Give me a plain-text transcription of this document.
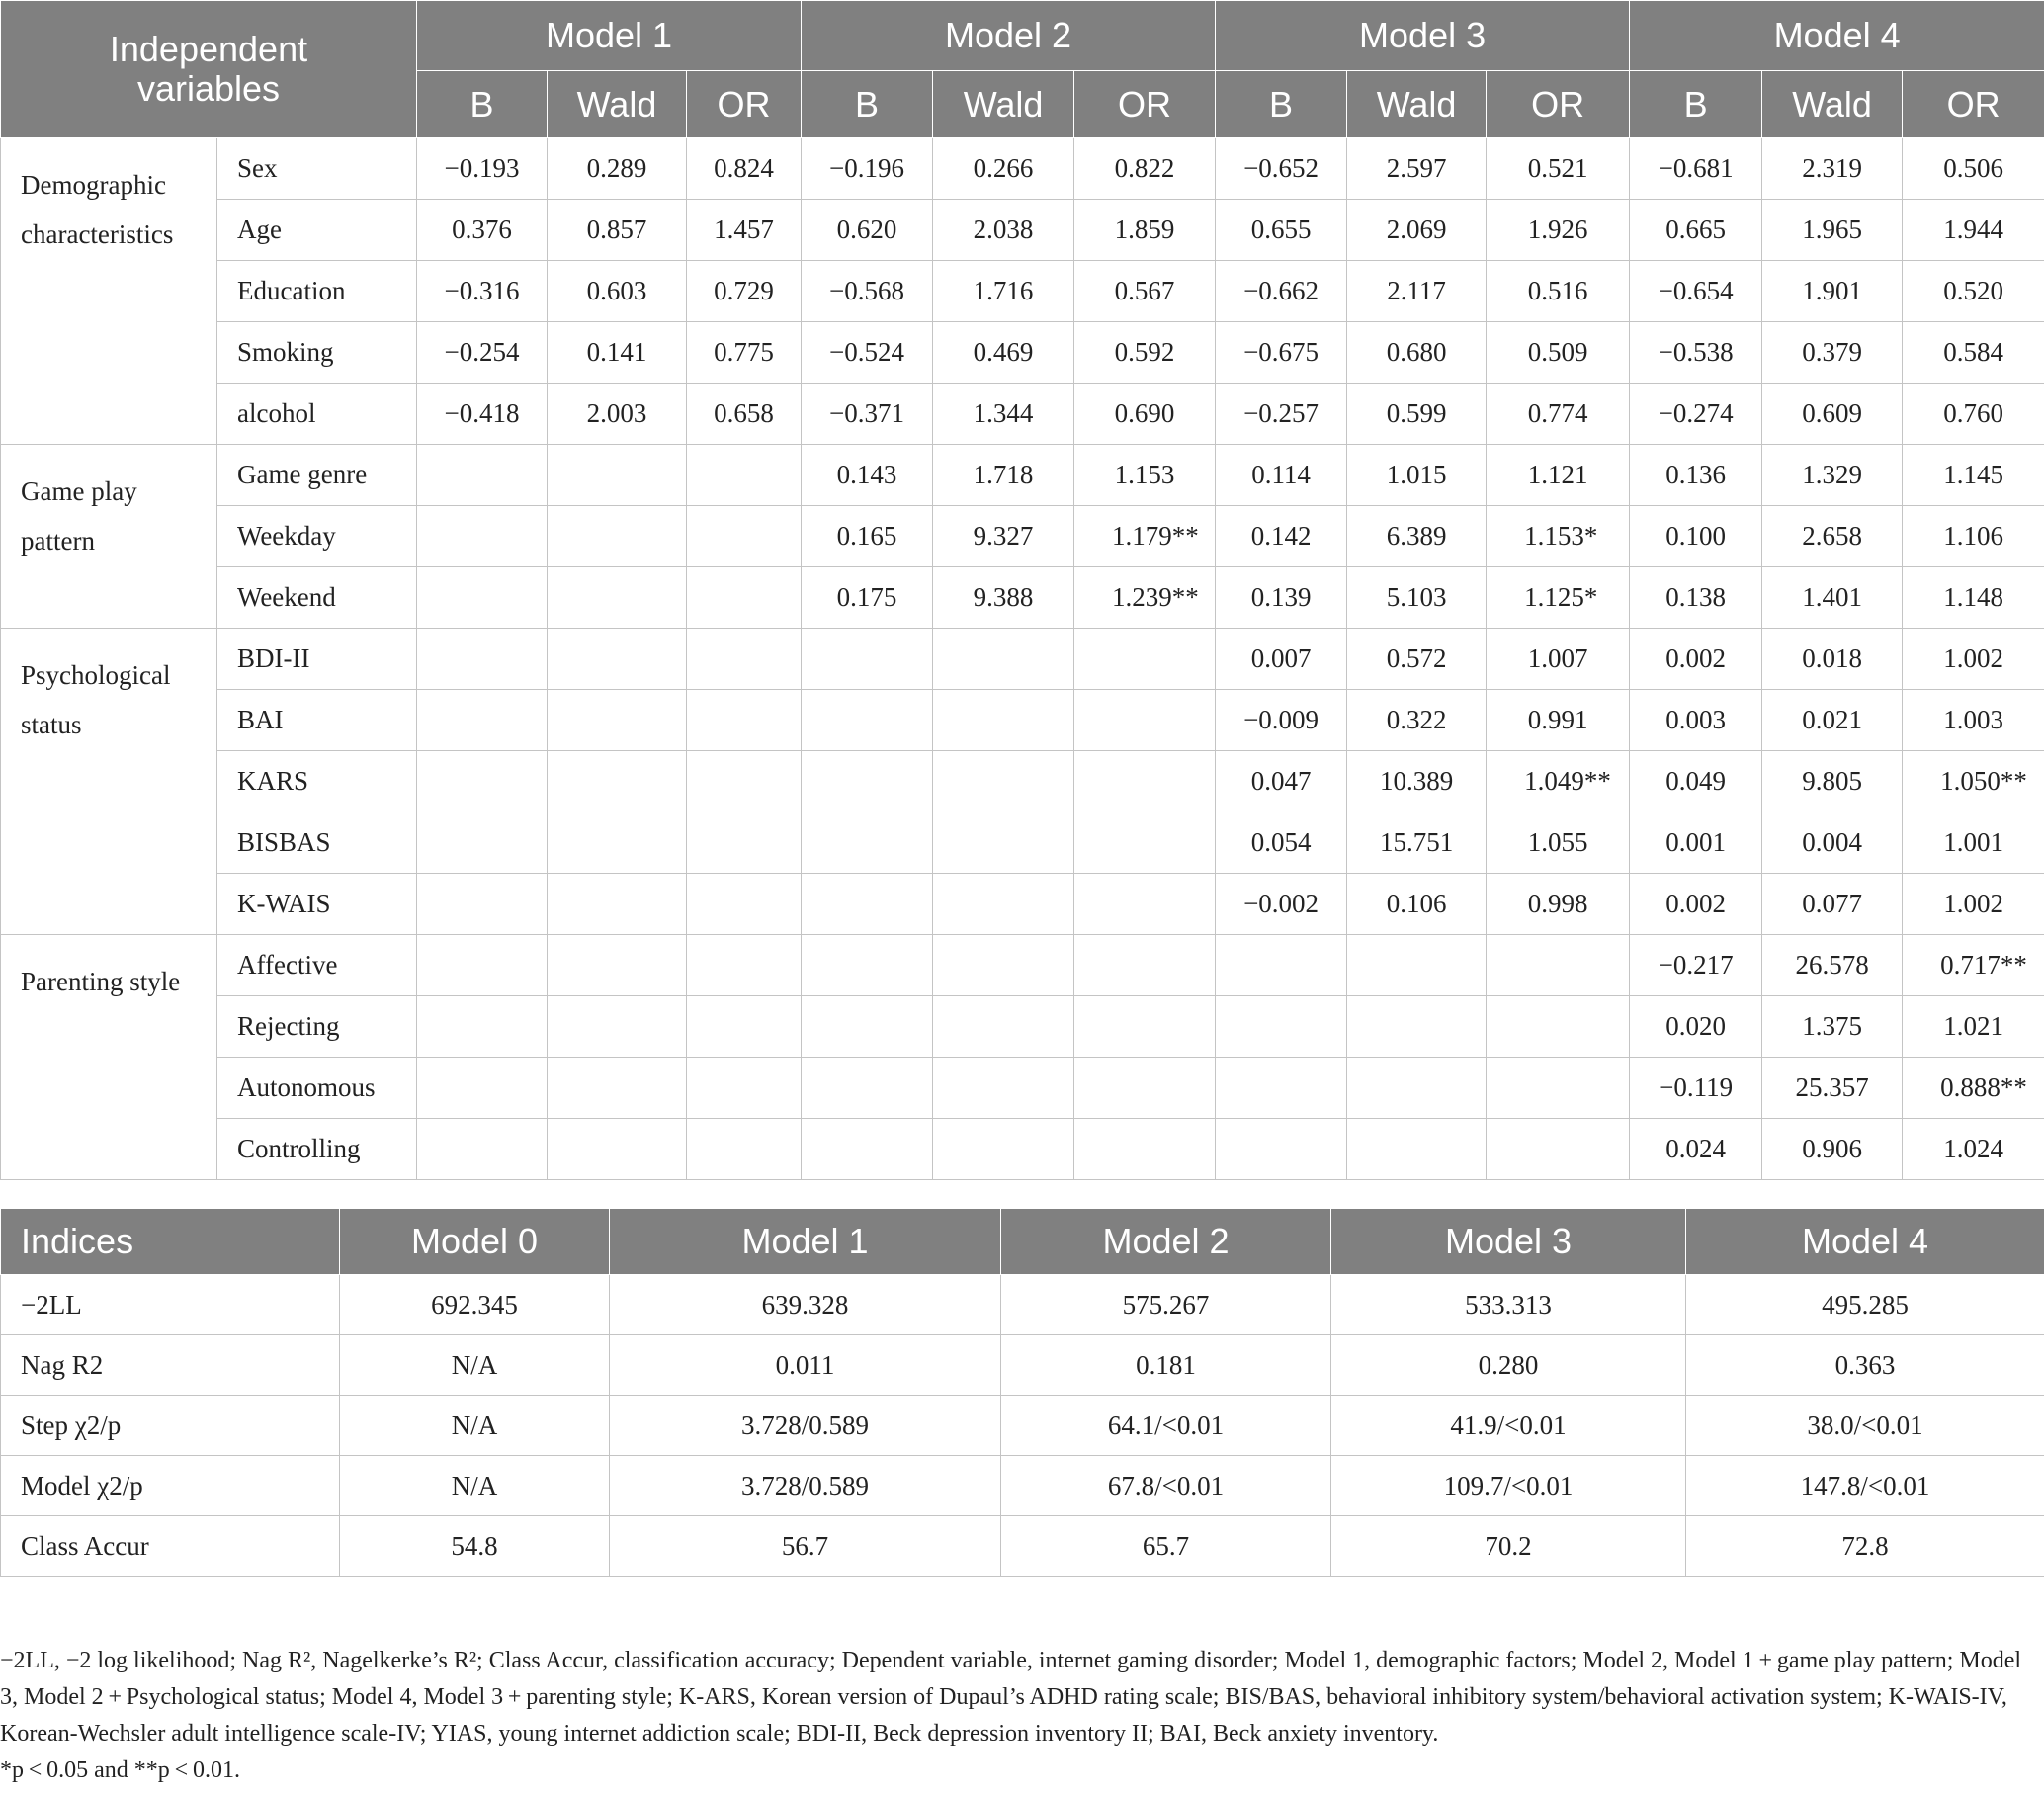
Independent variables		Model 1			Model 2			Model 3			Model 4		
		B	Wald	OR	B	Wald	OR	B	Wald	OR	B	Wald	OR
Demographic characteristics	Sex	−0.193	0.289	0.824	−0.196	0.266	0.822	−0.652	2.597	0.521	−0.681	2.319	0.506
	Age	0.376	0.857	1.457	0.620	2.038	1.859	0.655	2.069	1.926	0.665	1.965	1.944
	Education	−0.316	0.603	0.729	−0.568	1.716	0.567	−0.662	2.117	0.516	−0.654	1.901	0.520
	Smoking	−0.254	0.141	0.775	−0.524	0.469	0.592	−0.675	0.680	0.509	−0.538	0.379	0.584
	alcohol	−0.418	2.003	0.658	−0.371	1.344	0.690	−0.257	0.599	0.774	−0.274	0.609	0.760
Game play pattern	Game genre				0.143	1.718	1.153	0.114	1.015	1.121	0.136	1.329	1.145
	Weekday				0.165	9.327	1.179**	0.142	6.389	1.153*	0.100	2.658	1.106
	Weekend				0.175	9.388	1.239**	0.139	5.103	1.125*	0.138	1.401	1.148
Psychological status	BDI-II							0.007	0.572	1.007	0.002	0.018	1.002
	BAI							−0.009	0.322	0.991	0.003	0.021	1.003
	KARS							0.047	10.389	1.049**	0.049	9.805	1.050**
	BISBAS							0.054	15.751	1.055	0.001	0.004	1.001
	K-WAIS							−0.002	0.106	0.998	0.002	0.077	1.002
Parenting style	Affective										−0.217	26.578	0.717**
	Rejecting										0.020	1.375	1.021
	Autonomous										−0.119	25.357	0.888**
	Controlling										0.024	0.906	1.024
Indices	Model 0	Model 1	Model 2	Model 3	Model 4
−2LL	692.345	639.328	575.267	533.313	495.285
Nag R2	N/A	0.011	0.181	0.280	0.363
Step χ2/p	N/A	3.728/0.589	64.1/<0.01	41.9/<0.01	38.0/<0.01
Model χ2/p	N/A	3.728/0.589	67.8/<0.01	109.7/<0.01	147.8/<0.01
Class Accur	54.8	56.7	65.7	70.2	72.8
−2LL, −2 log likelihood; Nag R², Nagelkerke’s R²; Class Accur, classification accuracy; Dependent variable, internet gaming disorder; Model 1, demographic factors; Model 2, Model 1 + game play pattern; Model 3, Model 2 + Psychological status; Model 4, Model 3 + parenting style; K-ARS, Korean version of Dupaul’s ADHD rating scale; BIS/BAS, behavioral inhibitory system/behavioral activation system; K-WAIS-IV, Korean-Wechsler adult intelligence scale-IV; YIAS, young internet addiction scale; BDI-II, Beck depression inventory II; BAI, Beck anxiety inventory.
*p < 0.05 and **p < 0.01.
